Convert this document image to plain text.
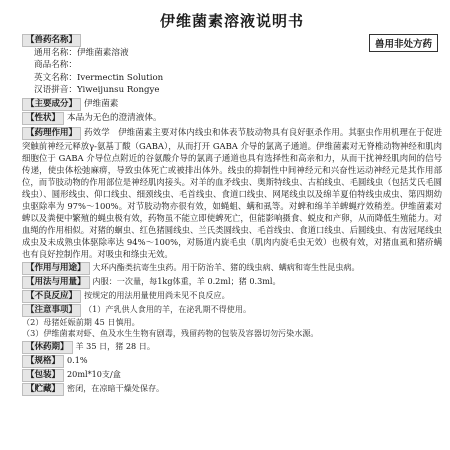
伊维菌素溶液说明书
兽用非处方药

【兽药名称】

通用名称：伊维菌素溶液

商品名称：

英文名称：Ivermectin Solution

汉语拼音：Yiweijunsu Rongye

【主要成分】 伊维菌素

【性状】 本品为无色的澄清液体。

【药理作用】 药效学　伊维菌素主要对体内线虫和体表节肢动物具有良好驱杀作用。其驱虫作用机理在于促进突触前神经元释放γ-氨基丁酸（GABA），从而打开 GABA 介导的氯离子通道。伊维菌素对无脊椎动物神经和肌肉细胞位于 GABA 介导位点附近的谷氨酸介导的氯离子通道也具有选择性和高亲和力，从而干扰神经肌肉间的信号传递，使虫体松弛麻痹，导致虫体死亡或被排出体外。线虫的抑制性中间神经元和兴奋性运动神经元是其作用部位，而节肢动物的作用部位是神经肌肉接头。对羊的血矛线虫、奥斯特线虫、古柏线虫、毛圆线虫（包括艾氏毛圆线虫）、圆形线虫、仰口线虫、细颈线虫、毛首线虫、食道口线虫、网尾线虫以及绵羊夏伯特线虫成虫、第四期幼虫驱除率为 97%～100%。对节肢动物亦很有效，如蝇蛆、螨和虱等。对蜱和绵羊羊蜱蝇疗效稍差。伊维菌素对蜱以及粪便中繁殖的蝇虫极有效，药物虽不能立即使蜱死亡，但能影响摄食、蜕皮和产卵，从而降低生殖能力。对血绳的作用相似。对猪的蛔虫、红色猪圆线虫、兰氏类圆线虫、毛首线虫、食道口线虫、后圆线虫、有齿冠尾线虫成虫及未成熟虫体驱除率达 94%～100%，对肠道内旋毛虫（肌肉内旋毛虫无效）也极有效，对猪血虱和猪疥螨也有良好控制作用。对吸虫和绦虫无效。

【作用与用途】 大环内酯类抗寄生虫药。用于防治羊、猪的线虫病、螨病和寄生性昆虫病。

【用法与用量】 内服：一次量，每1kg体重，羊 0.2ml；猪 0.3ml。

【不良反应】 按规定的用法用量使用尚未见不良反应。

【注意事项】 （1）产乳供人食用的羊，在泌乳期不得使用。

（2）母猪妊娠前期 45 日慎用。

（3）伊维菌素对虾、鱼及水生生物有剧毒，残留药物的包装及容器切勿污染水源。

【休药期】 羊 35 日，猪 28 日。

【规格】 0.1%

【包装】 20ml*10支/盒

【贮藏】 密闭，在凉暗干燥处保存。
